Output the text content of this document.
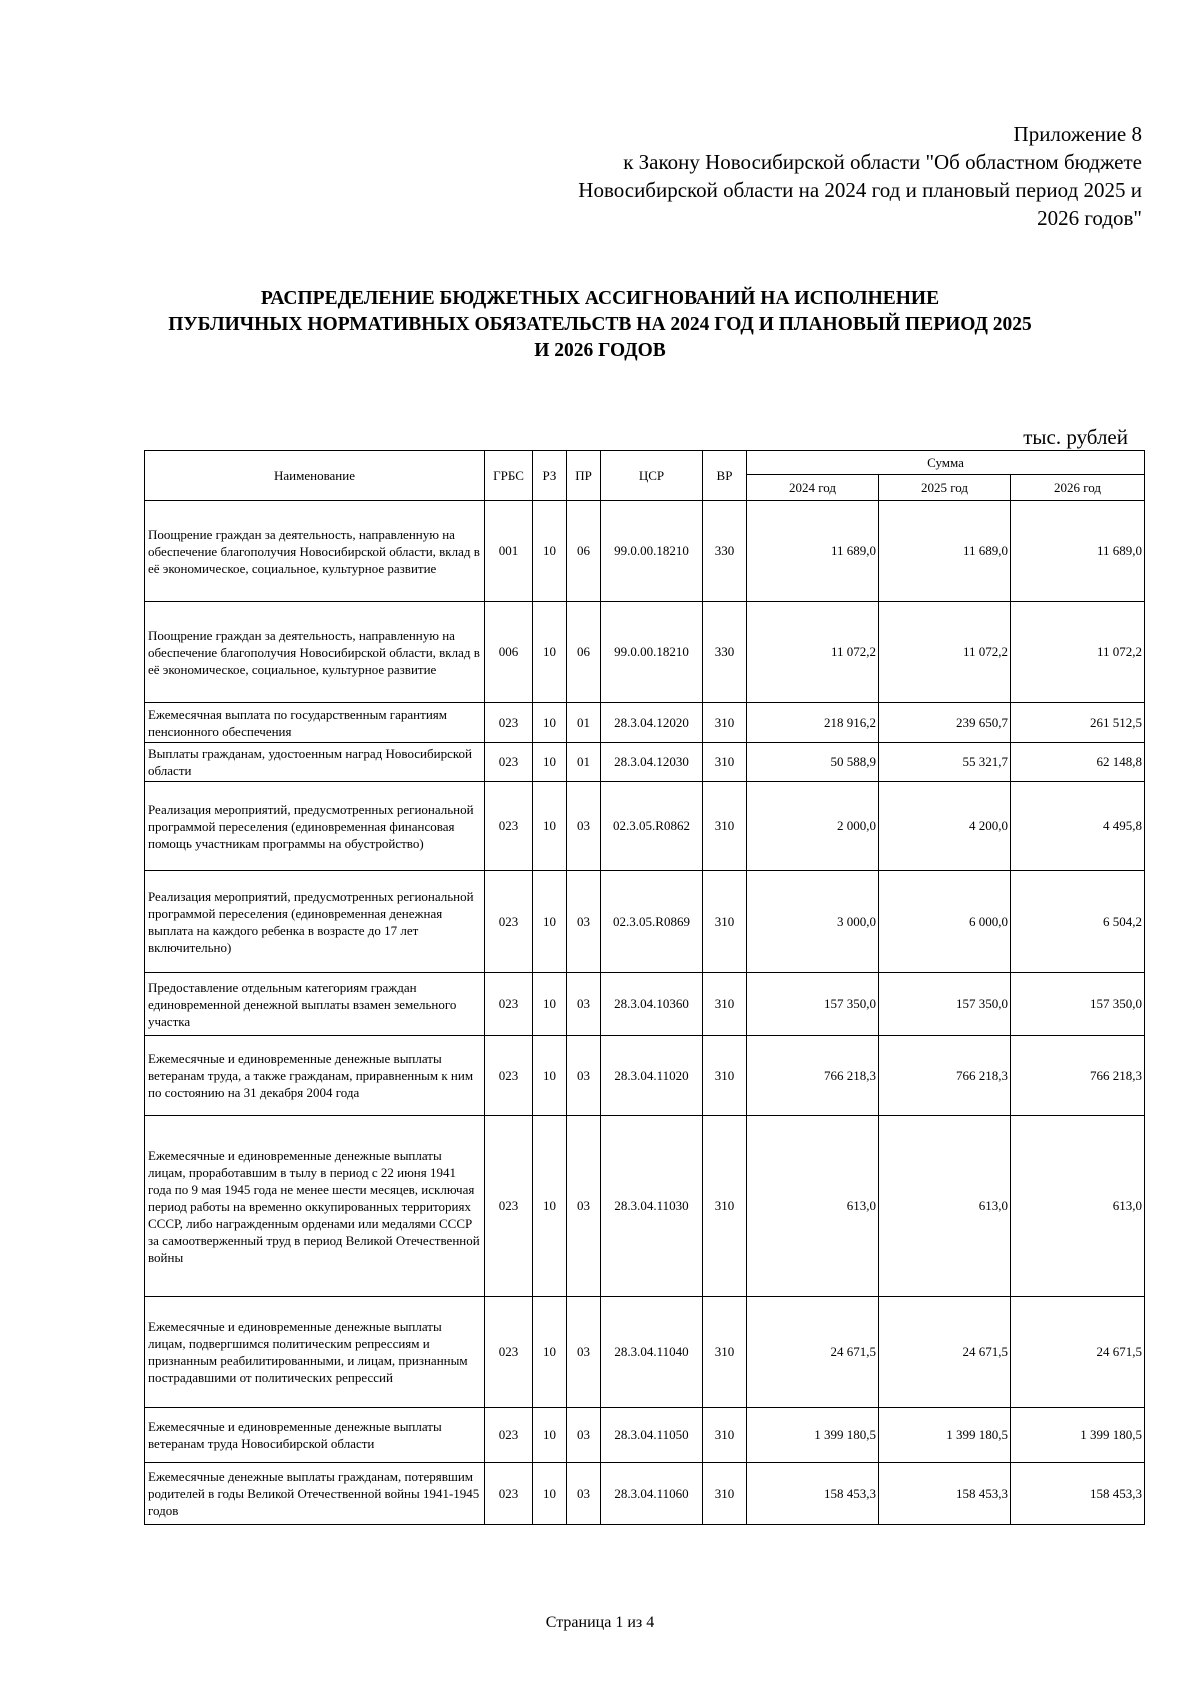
Приложение 8
к Закону Новосибирской области "Об областном бюджете
Новосибирской области на 2024 год и плановый период 2025 и
2026 годов"
РАСПРЕДЕЛЕНИЕ БЮДЖЕТНЫХ АССИГНОВАНИЙ НА ИСПОЛНЕНИЕ
ПУБЛИЧНЫХ НОРМАТИВНЫХ ОБЯЗАТЕЛЬСТВ НА 2024 ГОД И ПЛАНОВЫЙ ПЕРИОД 2025
И 2026 ГОДОВ
тыс. рублей
Наименование	ГРБС	РЗ	ПР	ЦСР	ВР	Сумма		
						2024 год	2025 год	2026 год
Поощрение граждан за деятельность, направленную на обеспечение благополучия Новосибирской области, вклад в её экономическое, социальное, культурное развитие	001	10	06	99.0.00.18210	330	11 689,0	11 689,0	11 689,0
Поощрение граждан за деятельность, направленную на обеспечение благополучия Новосибирской области, вклад в её экономическое, социальное, культурное развитие	006	10	06	99.0.00.18210	330	11 072,2	11 072,2	11 072,2
Ежемесячная выплата по государственным гарантиям пенсионного обеспечения	023	10	01	28.3.04.12020	310	218 916,2	239 650,7	261 512,5
Выплаты гражданам, удостоенным наград Новосибирской области	023	10	01	28.3.04.12030	310	50 588,9	55 321,7	62 148,8
Реализация мероприятий, предусмотренных региональной программой переселения (единовременная финансовая помощь участникам программы на обустройство)	023	10	03	02.3.05.R0862	310	2 000,0	4 200,0	4 495,8
Реализация мероприятий, предусмотренных региональной программой переселения (единовременная денежная выплата на каждого ребенка в возрасте до 17 лет включительно)	023	10	03	02.3.05.R0869	310	3 000,0	6 000,0	6 504,2
Предоставление отдельным категориям граждан единовременной денежной выплаты взамен земельного участка	023	10	03	28.3.04.10360	310	157 350,0	157 350,0	157 350,0
Ежемесячные и единовременные денежные выплаты ветеранам труда, а также гражданам, приравненным к ним по состоянию на 31 декабря 2004 года	023	10	03	28.3.04.11020	310	766 218,3	766 218,3	766 218,3
Ежемесячные и единовременные денежные выплаты лицам, проработавшим в тылу в период с 22 июня 1941 года по 9 мая 1945 года не менее шести месяцев, исключая период работы на временно оккупированных территориях СССР, либо награжденным орденами или медалями СССР за самоотверженный труд в период Великой Отечественной войны	023	10	03	28.3.04.11030	310	613,0	613,0	613,0
Ежемесячные и единовременные денежные выплаты лицам, подвергшимся политическим репрессиям и признанным реабилитированными, и лицам, признанным пострадавшими от политических репрессий	023	10	03	28.3.04.11040	310	24 671,5	24 671,5	24 671,5
Ежемесячные и единовременные денежные выплаты ветеранам труда Новосибирской области	023	10	03	28.3.04.11050	310	1 399 180,5	1 399 180,5	1 399 180,5
Ежемесячные денежные выплаты гражданам, потерявшим родителей в годы Великой Отечественной войны 1941-1945 годов	023	10	03	28.3.04.11060	310	158 453,3	158 453,3	158 453,3
Страница 1 из 4
